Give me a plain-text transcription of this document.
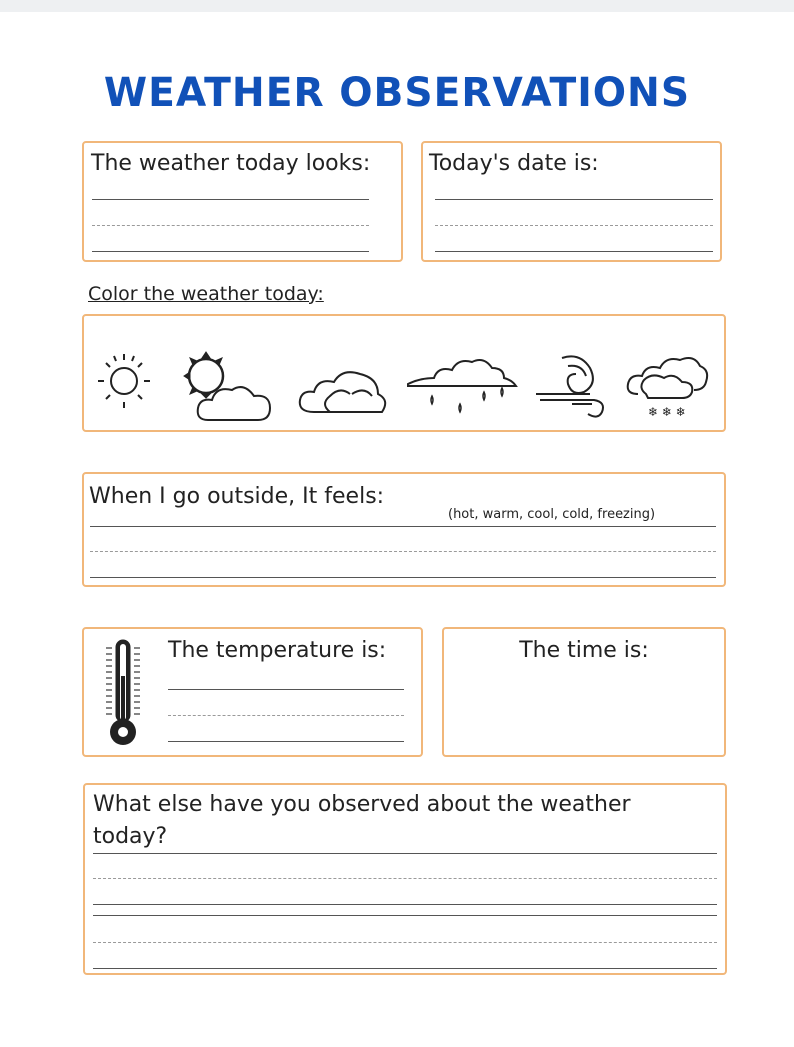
WEATHER OBSERVATIONS
The weather today looks:	Today's date is:
Color the weather today:
❄ ❄ ❄
When I go outside, It feels:
(hot, warm, cool, cold, freezing)
The temperature is:	The time is:
What else have you observed about the weather
today?
